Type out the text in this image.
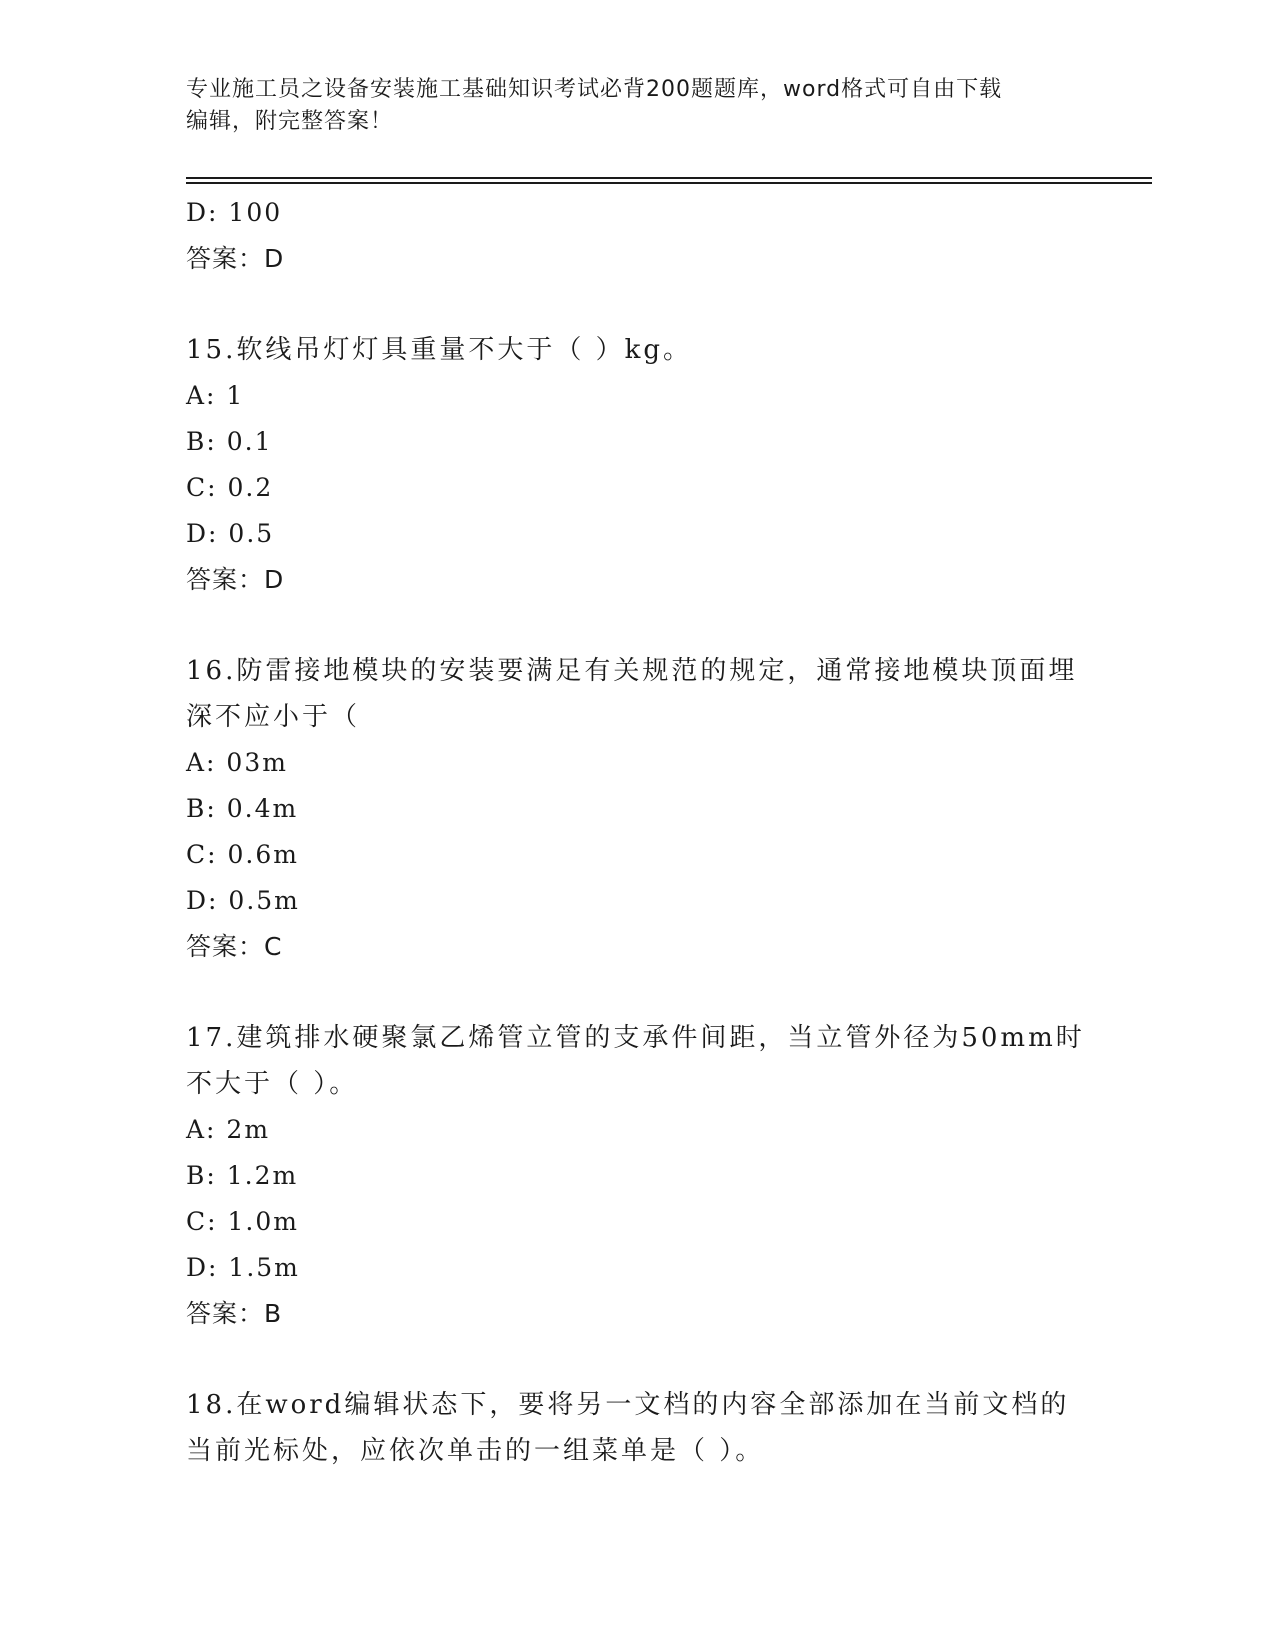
专业施工员之设备安装施工基础知识考试必背200题题库，word格式可自由下载
编辑，附完整答案！
D: 100
答案：D
15.软线吊灯灯具重量不大于（ ）kg。
A: 1
B: 0.1
C: 0.2
D: 0.5
答案：D
16.防雷接地模块的安装要满足有关规范的规定，通常接地模块顶面埋
深不应小于（
A: 03m
B: 0.4m
C: 0.6m
D: 0.5m
答案：C
17.建筑排水硬聚氯乙烯管立管的支承件间距，当立管外径为50mm时
不大于（ ）。
A: 2m
B: 1.2m
C: 1.0m
D: 1.5m
答案：B
18.在word编辑状态下，要将另一文档的内容全部添加在当前文档的
当前光标处，应依次单击的一组菜单是（ ）。
